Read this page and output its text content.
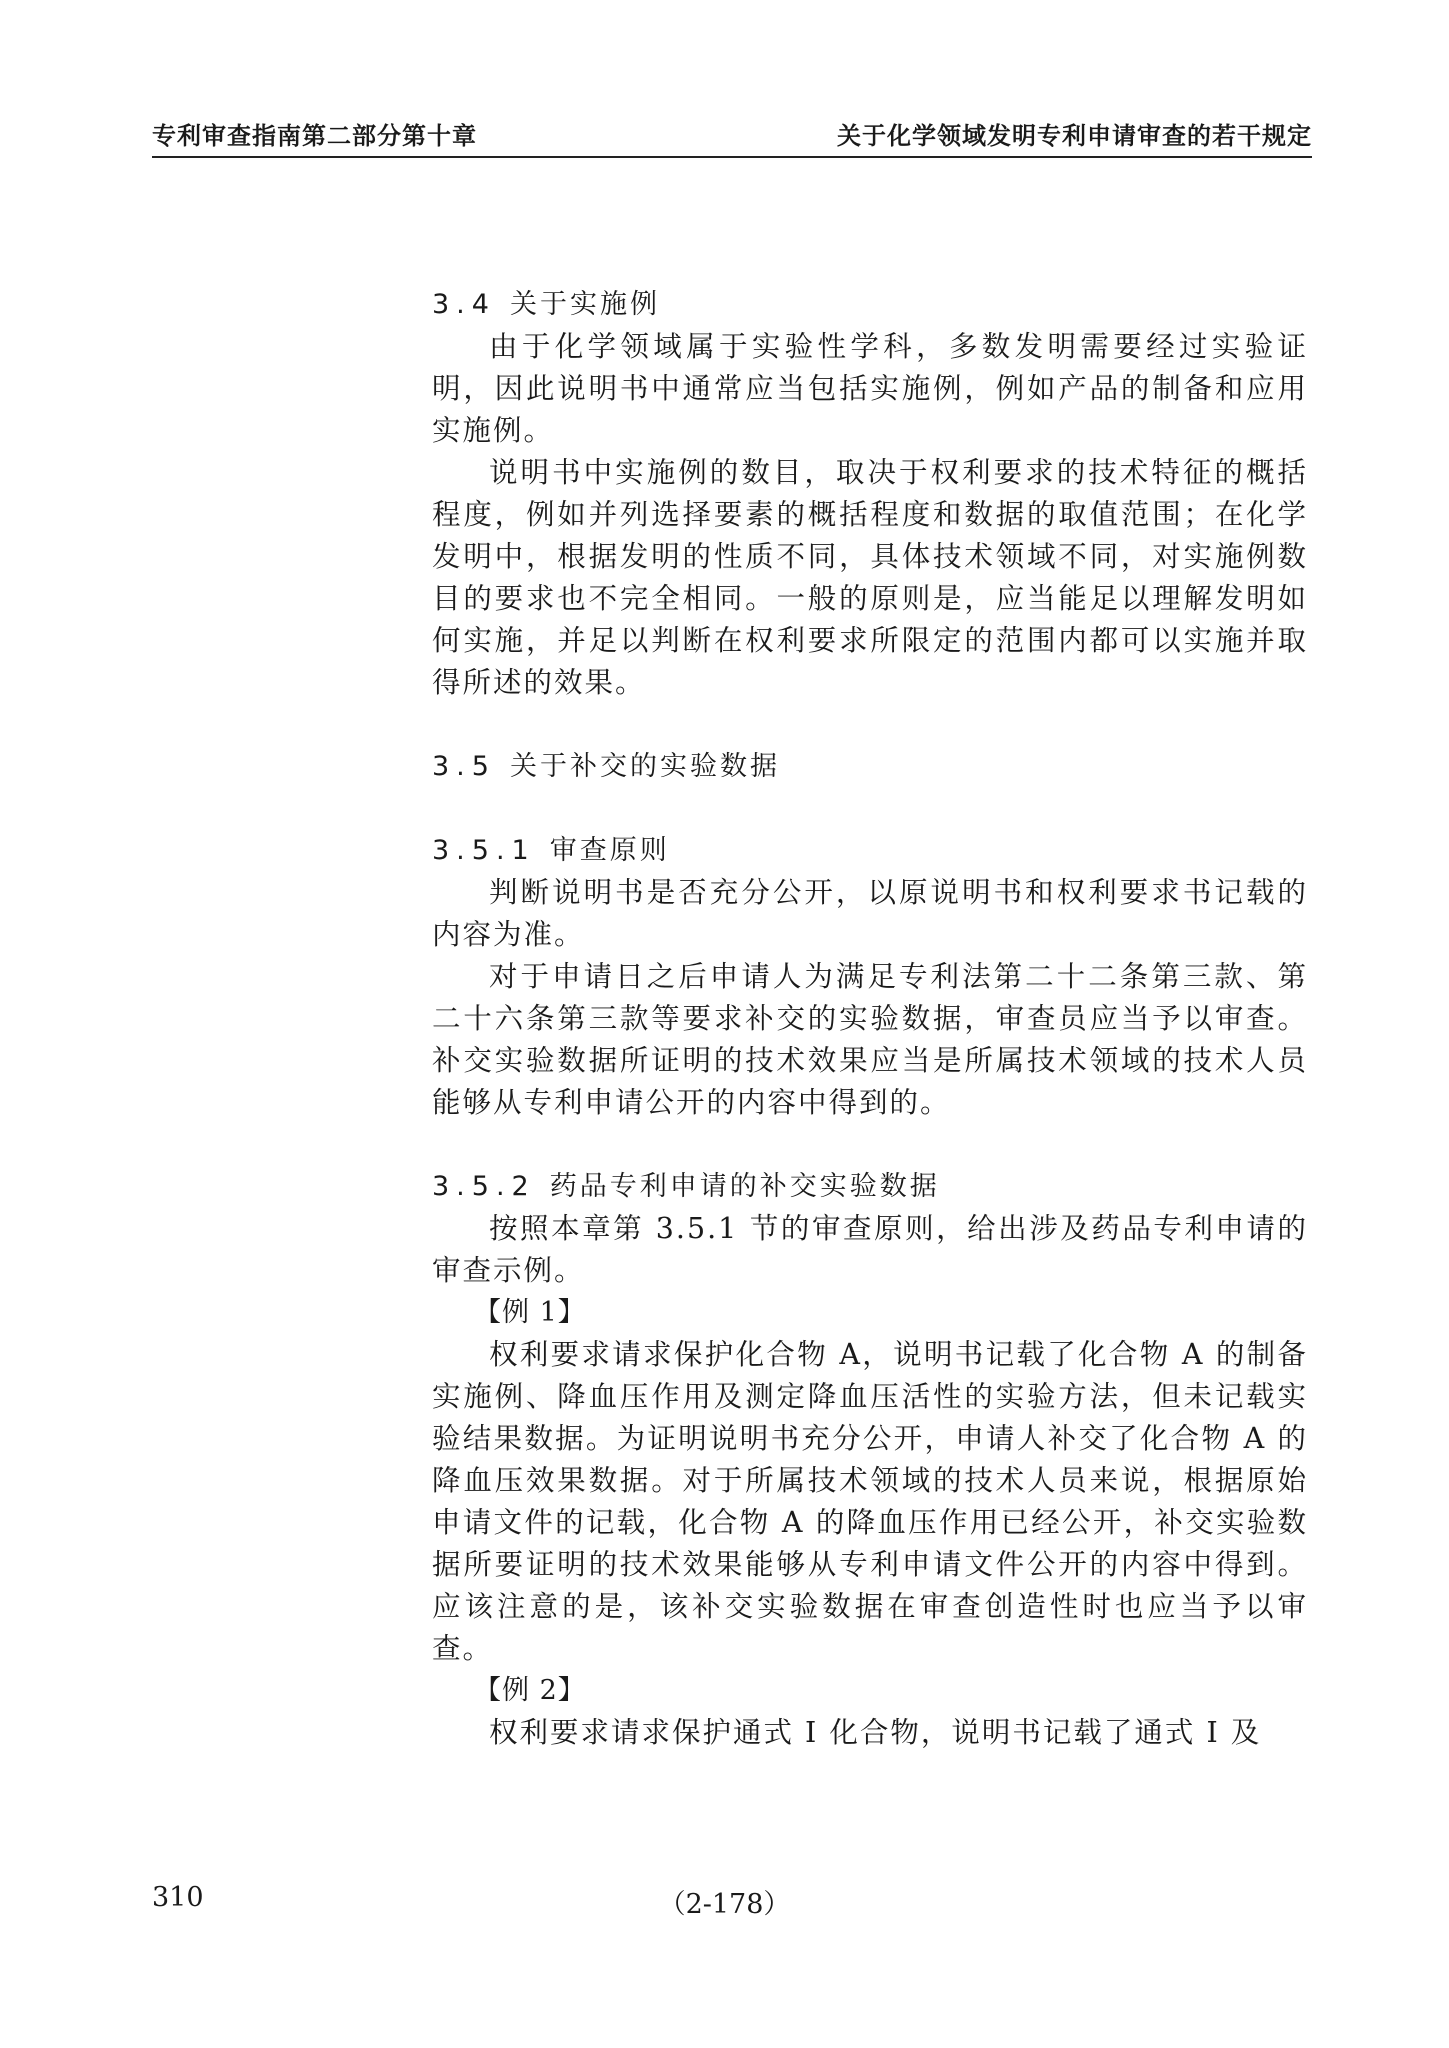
专利审查指南第二部分第十章	关于化学领域发明专利申请审查的若干规定
3.4 关于实施例

由于化学领域属于实验性学科，多数发明需要经过实验证明，因此说明书中通常应当包括实施例，例如产品的制备和应用实施例。

说明书中实施例的数目，取决于权利要求的技术特征的概括程度，例如并列选择要素的概括程度和数据的取值范围；在化学发明中，根据发明的性质不同，具体技术领域不同，对实施例数目的要求也不完全相同。一般的原则是，应当能足以理解发明如何实施，并足以判断在权利要求所限定的范围内都可以实施并取得所述的效果。

3.5 关于补交的实验数据
3.5.1 审查原则

判断说明书是否充分公开，以原说明书和权利要求书记载的内容为准。

对于申请日之后申请人为满足专利法第二十二条第三款、第二十六条第三款等要求补交的实验数据，审查员应当予以审查。补交实验数据所证明的技术效果应当是所属技术领域的技术人员能够从专利申请公开的内容中得到的。

3.5.2 药品专利申请的补交实验数据

按照本章第 3.5.1 节的审查原则，给出涉及药品专利申请的审查示例。

【例 1】

权利要求请求保护化合物 A，说明书记载了化合物 A 的制备实施例、降血压作用及测定降血压活性的实验方法，但未记载实验结果数据。为证明说明书充分公开，申请人补交了化合物 A 的降血压效果数据。对于所属技术领域的技术人员来说，根据原始申请文件的记载，化合物 A 的降血压作用已经公开，补交实验数据所要证明的技术效果能够从专利申请文件公开的内容中得到。应该注意的是，该补交实验数据在审查创造性时也应当予以审查。

【例 2】

权利要求请求保护通式 I 化合物，说明书记载了通式 I 及

310	（2-178）
